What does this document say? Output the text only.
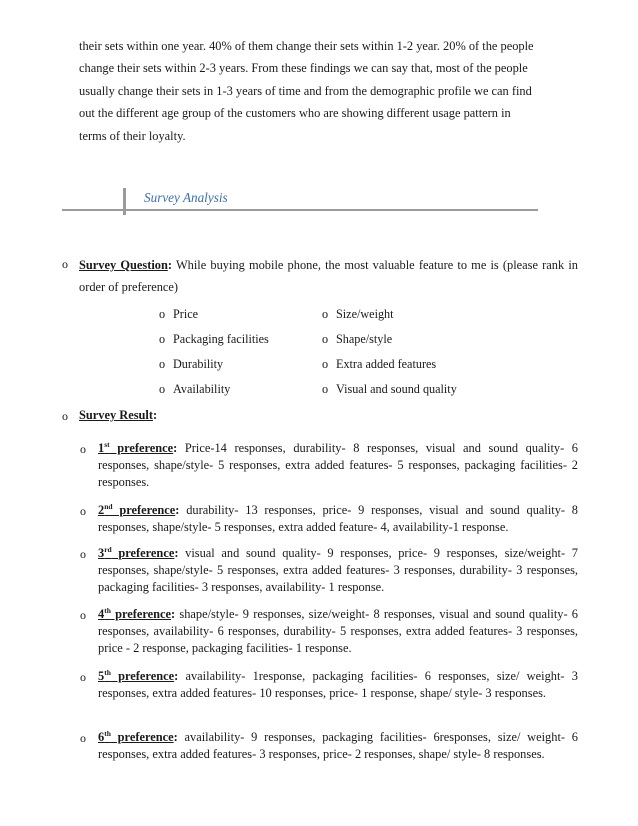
their sets within one year. 40% of them change their sets within 1-2 year. 20% of the people

change their sets within 2-3 years. From these findings we can say that, most of the people

usually change their sets in 1-3 years of time and from the demographic profile we can find

out the different age group of the customers who are showing different usage pattern in

terms of their loyalty.

Survey Analysis
o Survey Question: While buying mobile phone, the most valuable feature to me is (please rank in order of preference)

o Price
o Packaging facilities
o Durability
o Availability
o Size/weight
o Shape/style
o Extra added features
o Visual and sound quality
o Survey Result:
o 1st preference: Price-14 responses, durability- 8 responses, visual and sound quality- 6 responses, shape/style- 5 responses, extra added features- 5 responses, packaging facilities- 2 responses.
o 2nd preference: durability- 13 responses, price- 9 responses, visual and sound quality- 8 responses, shape/style- 5 responses, extra added feature- 4, availability-1 response.
o 3rd preference: visual and sound quality- 9 responses, price- 9 responses, size/weight- 7 responses, shape/style- 5 responses, extra added features- 3 responses, durability- 3 responses, packaging facilities- 3 responses, availability- 1 response.
o 4th preference: shape/style- 9 responses, size/weight- 8 responses, visual and sound quality- 6 responses, availability- 6 responses, durability- 5 responses, extra added features- 3 responses, price - 2 response, packaging facilities- 1 response.
o 5th preference: availability- 1response, packaging facilities- 6 responses, size/ weight- 3 responses, extra added features- 10 responses, price- 1 response, shape/ style- 3 responses.
o 6th preference: availability- 9 responses, packaging facilities- 6responses, size/ weight- 6 responses, extra added features- 3 responses, price- 2 responses, shape/ style- 8 responses.
